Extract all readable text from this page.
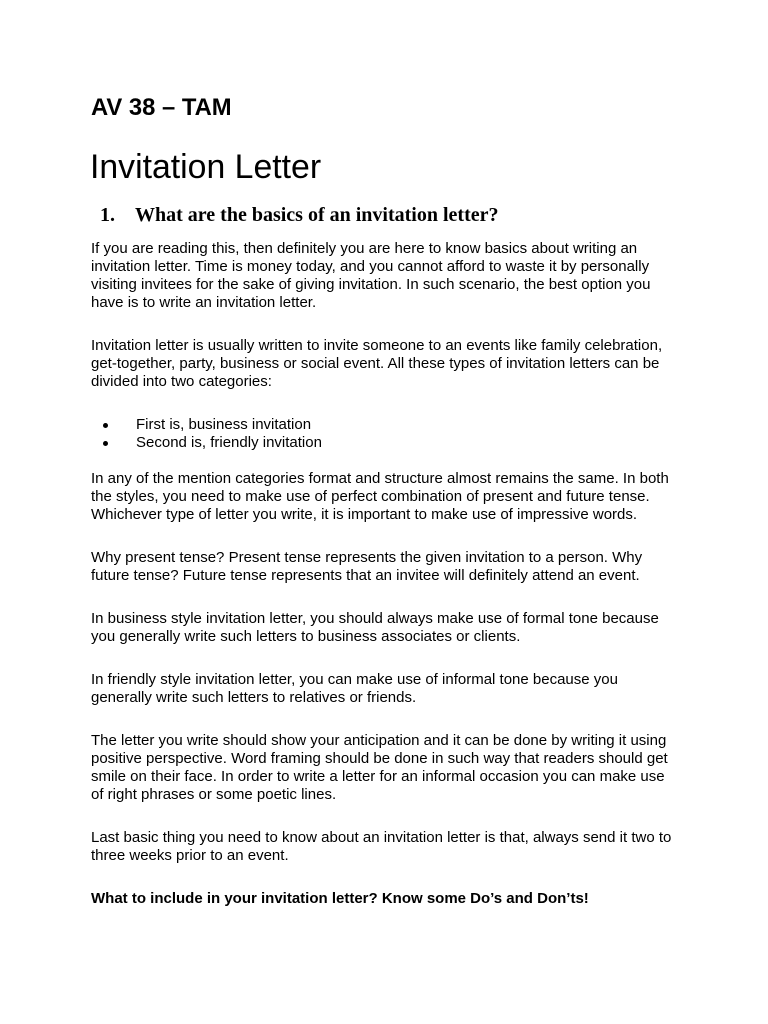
AV 38 – TAM
Invitation Letter
1.	What are the basics of an invitation letter?
If you are reading this, then definitely you are here to know basics about writing an
invitation letter. Time is money today, and you cannot afford to waste it by personally
visiting invitees for the sake of giving invitation. In such scenario, the best option you
have is to write an invitation letter.
Invitation letter is usually written to invite someone to an events like family celebration,
get-together, party, business or social event. All these types of invitation letters can be
divided into two categories:
First is, business invitation
Second is, friendly invitation
In any of the mention categories format and structure almost remains the same. In both
the styles, you need to make use of perfect combination of present and future tense.
Whichever type of letter you write, it is important to make use of impressive words.
Why present tense? Present tense represents the given invitation to a person. Why
future tense? Future tense represents that an invitee will definitely attend an event.
In business style invitation letter, you should always make use of formal tone because
you generally write such letters to business associates or clients.
In friendly style invitation letter, you can make use of informal tone because you
generally write such letters to relatives or friends.
The letter you write should show your anticipation and it can be done by writing it using
positive perspective. Word framing should be done in such way that readers should get
smile on their face. In order to write a letter for an informal occasion you can make use
of right phrases or some poetic lines.
Last basic thing you need to know about an invitation letter is that, always send it two to
three weeks prior to an event.
What to include in your invitation letter? Know some Do’s and Don’ts!
